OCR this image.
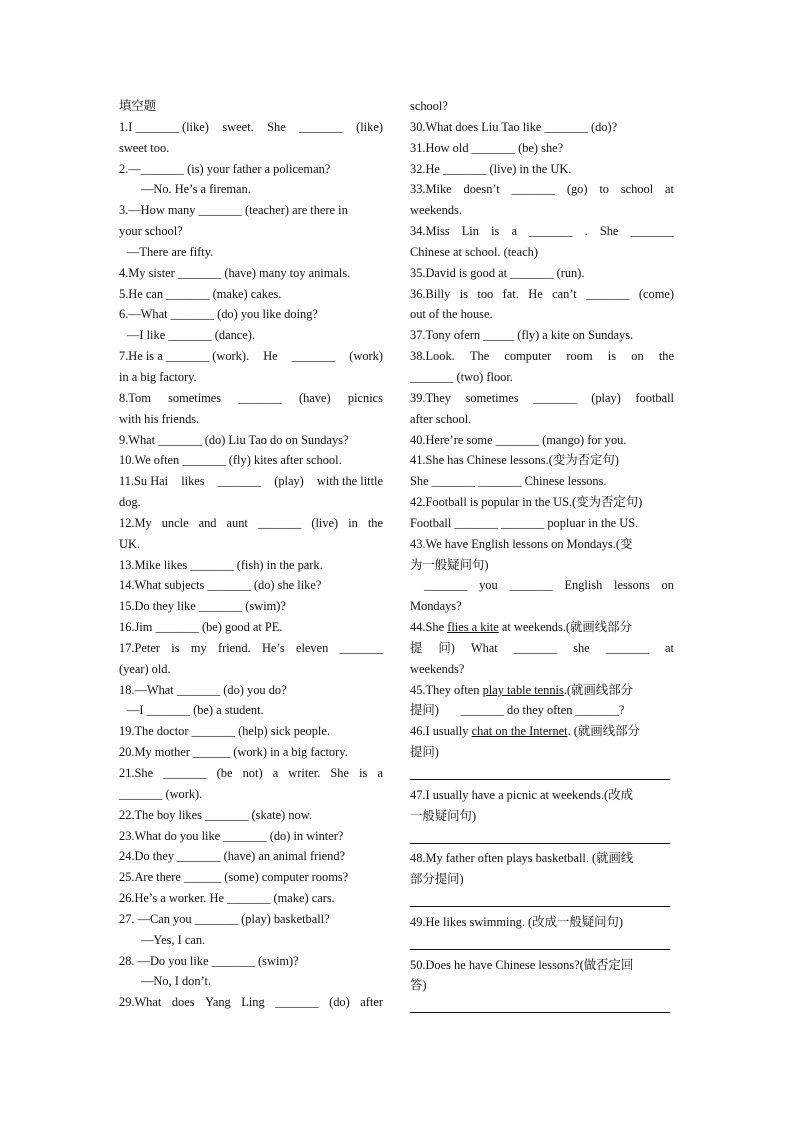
填空题
1.I _______ (like) sweet. She _______ (like)
sweet too.
2.—_______ (is) your father a policeman?
—No. He’s a fireman.
3.—How many _______ (teacher) are there in
your school?
—There are fifty.
4.My sister _______ (have) many toy animals.
5.He can _______ (make) cakes.
6.—What _______ (do) you like doing?
—I like _______ (dance).
7.He is a _______ (work). He _______ (work)
in a big factory.
8.Tom sometimes _______ (have) picnics
with his friends.
9.What _______ (do) Liu Tao do on Sundays?
10.We often _______ (fly) kites after school.
11.Su Hai likes _______ (play) with the little
dog.
12.My uncle and aunt _______ (live) in the
UK.
13.Mike likes _______ (fish) in the park.
14.What subjects _______ (do) she like?
15.Do they like _______ (swim)?
16.Jim _______ (be) good at PE.
17.Peter is my friend. He’s eleven _______
(year) old.
18.—What _______ (do) you do?
—I _______ (be) a student.
19.The doctor _______ (help) sick people.
20.My mother ______ (work) in a big factory.
21.She _______ (be not) a writer. She is a
_______ (work).
22.The boy likes _______ (skate) now.
23.What do you like _______ (do) in winter?
24.Do they _______ (have) an animal friend?
25.Are there ______ (some) computer rooms?
26.He’s a worker. He _______ (make) cars.
27. —Can you _______ (play) basketball?
—Yes, I can.
28. —Do you like _______ (swim)?
—No, I don’t.
29.What does Yang Ling _______ (do) after
school?
30.What does Liu Tao like _______ (do)?
31.How old _______ (be) she?
32.He _______ (live) in the UK.
33.Mike doesn’t _______ (go) to school at
weekends.
34.Miss Lin is a _______ . She _______
Chinese at school. (teach)
35.David is good at _______ (run).
36.Billy is too fat. He can’t _______ (come)
out of the house.
37.Tony ofern _____ (fly) a kite on Sundays.
38.Look. The computer room is on the
_______ (two) floor.
39.They sometimes _______ (play) football
after school.
40.Here’re some _______ (mango) for you.
41.She has Chinese lessons.(变为否定句)
She _______ _______ Chinese lessons.
42.Football is popular in the US.(变为否定句)
Football _______ _______ popluar in the US.
43.We have English lessons on Mondays.(变
为一般疑问句)
_______ you _______ English lessons on
Mondays?
44.She flies a kite at weekends.(就画线部分
提 问) What _______ she _______ at
weekends?
45.They often play table tennis.(就画线部分
提问)       _______ do they often _______?
46.I usually chat on the Internet. (就画线部分
提问)
47.I usually have a picnic at weekends.(改成
一般疑问句)
48.My father often plays basketball. (就画线
部分提问)
49.He likes swimming. (改成一般疑问句)
50.Does he have Chinese lessons?(做否定回
答)
